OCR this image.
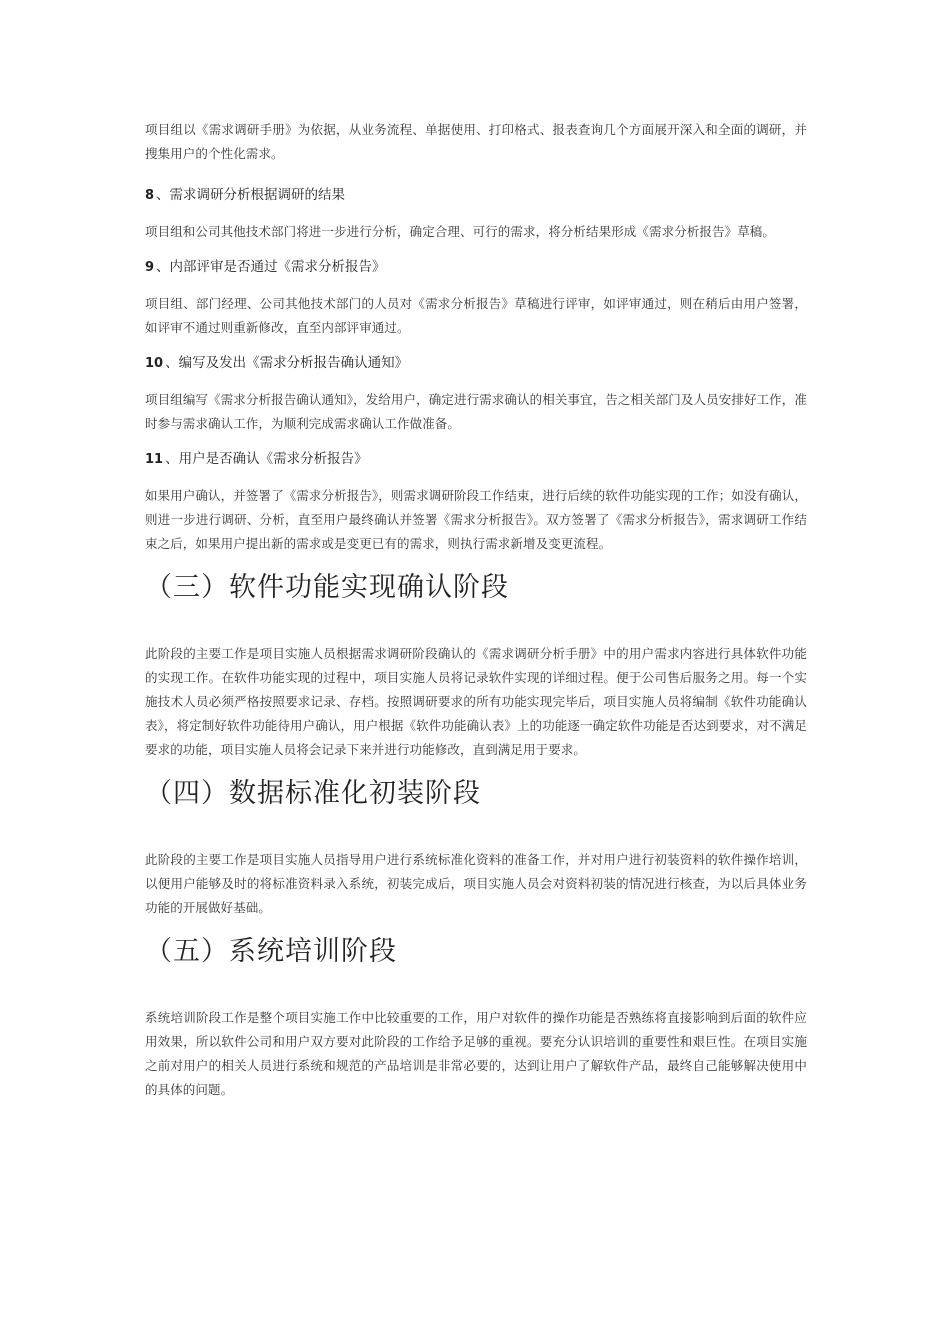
项目组以《需求调研手册》为依据，从业务流程、单据使用、打印格式、报表查询几个方面展开深入和全面的调研，并搜集用户的个性化需求。

8 、需求调研分析根据调研的结果

项目组和公司其他技术部门将进一步进行分析，确定合理、可行的需求，将分析结果形成《需求分析报告》草稿。

9 、内部评审是否通过《需求分析报告》

项目组、部门经理、公司其他技术部门的人员对《需求分析报告》草稿进行评审，如评审通过，则在稍后由用户签署，如评审不通过则重新修改，直至内部评审通过。

10 、编写及发出《需求分析报告确认通知》

项目组编写《需求分析报告确认通知》，发给用户，确定进行需求确认的相关事宜，告之相关部门及人员安排好工作，准时参与需求确认工作，为顺利完成需求确认工作做准备。

11 、用户是否确认《需求分析报告》

如果用户确认，并签署了《需求分析报告》，则需求调研阶段工作结束，进行后续的软件功能实现的工作；如没有确认，则进一步进行调研、分析，直至用户最终确认并签署《需求分析报告》。双方签署了《需求分析报告》，需求调研工作结束之后，如果用户提出新的需求或是变更已有的需求，则执行需求新增及变更流程。

（三）软件功能实现确认阶段

此阶段的主要工作是项目实施人员根据需求调研阶段确认的《需求调研分析手册》中的用户需求内容进行具体软件功能的实现工作。在软件功能实现的过程中，项目实施人员将记录软件实现的详细过程。便于公司售后服务之用。每一个实施技术人员必须严格按照要求记录、存档。按照调研要求的所有功能实现完毕后，项目实施人员将编制《软件功能确认表》，将定制好软件功能待用户确认，用户根据《软件功能确认表》上的功能逐一确定软件功能是否达到要求，对不满足要求的功能，项目实施人员将会记录下来并进行功能修改，直到满足用于要求。

（四）数据标准化初装阶段

此阶段的主要工作是项目实施人员指导用户进行系统标准化资料的准备工作，并对用户进行初装资料的软件操作培训，以便用户能够及时的将标准资料录入系统，初装完成后，项目实施人员会对资料初装的情况进行核查，为以后具体业务功能的开展做好基础。

（五）系统培训阶段

系统培训阶段工作是整个项目实施工作中比较重要的工作，用户对软件的操作功能是否熟练将直接影响到后面的软件应用效果，所以软件公司和用户双方要对此阶段的工作给予足够的重视。要充分认识培训的重要性和艰巨性。在项目实施之前对用户的相关人员进行系统和规范的产品培训是非常必要的，达到让用户了解软件产品，最终自己能够解决使用中的具体的问题。
